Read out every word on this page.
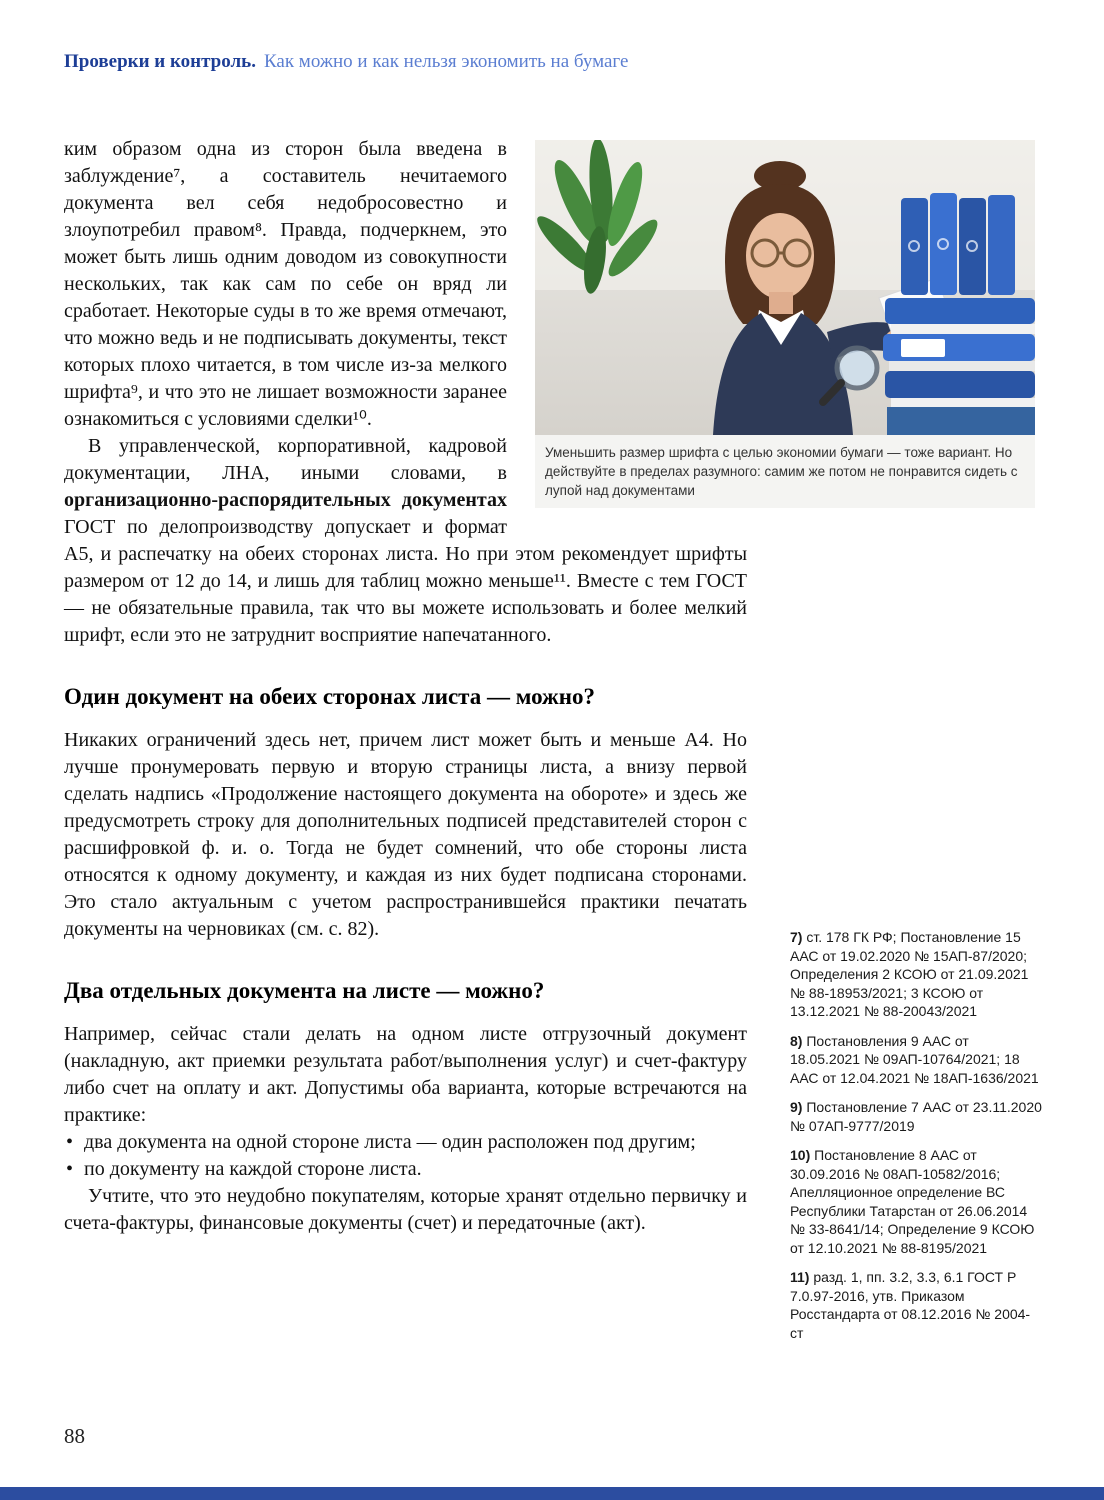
Проверки и контроль. Как можно и как нельзя экономить на бумаге
Уменьшить размер шрифта с целью экономии бумаги — тоже вариант. Но действуйте в пределах разумного: самим же потом не понравится сидеть с лупой над документами

ким образом одна из сторон была введена в заблуждение⁷, а составитель нечитаемого документа вел себя недобросовестно и злоупотребил правом⁸. Правда, подчеркнем, это может быть лишь одним доводом из совокупности нескольких, так как сам по себе он вряд ли сработает. Некоторые суды в то же время отмечают, что можно ведь и не подписывать документы, текст которых плохо читается, в том числе из-за мелкого шрифта⁹, и что это не лишает возможности заранее ознакомиться с условиями сделки¹⁰.

В управленческой, корпоративной, кадровой документации, ЛНА, иными словами, в организационно-распорядительных документах ГОСТ по делопроизводству допускает и формат А5, и распечатку на обеих сторонах листа. Но при этом рекомендует шрифты размером от 12 до 14, и лишь для таблиц можно меньше¹¹. Вместе с тем ГОСТ — не обязательные правила, так что вы можете использовать и более мелкий шрифт, если это не затруднит восприятие напечатанного.

Один документ на обеих сторонах листа — можно?

Никаких ограничений здесь нет, причем лист может быть и меньше А4. Но лучше пронумеровать первую и вторую страницы листа, а внизу первой сделать надпись «Продолжение настоящего документа на обороте» и здесь же предусмотреть строку для дополнительных подписей представителей сторон с расшифровкой ф. и. о. Тогда не будет сомнений, что обе стороны листа относятся к одному документу, и каждая из них будет подписана сторонами. Это стало актуальным с учетом распространившейся практики печатать документы на черновиках (см. с. 82).

Два отдельных документа на листе — можно?

Например, сейчас стали делать на одном листе отгрузочный документ (накладную, акт приемки результата работ/выполнения услуг) и счет-фактуру либо счет на оплату и акт. Допустимы оба варианта, которые встречаются на практике:

• два документа на одной стороне листа — один расположен под другим;
• по документу на каждой стороне листа.

Учтите, что это неудобно покупателям, которые хранят отдельно первичку и счета-фактуры, финансовые документы (счет) и передаточные (акт).

7) ст. 178 ГК РФ; Постановление 15 ААС от 19.02.2020 № 15АП-87/2020; Определения 2 КСОЮ от 21.09.2021 № 88-18953/2021; 3 КСОЮ от 13.12.2021 № 88-20043/2021
8) Постановления 9 ААС от 18.05.2021 № 09АП-10764/2021; 18 ААС от 12.04.2021 № 18АП-1636/2021
9) Постановление 7 ААС от 23.11.2020 № 07АП-9777/2019
10) Постановление 8 ААС от 30.09.2016 № 08АП-10582/2016; Апелляционное определение ВС Республики Татарстан от 26.06.2014 № 33-8641/14; Определение 9 КСОЮ от 12.10.2021 № 88-8195/2021
11) разд. 1, пп. 3.2, 3.3, 6.1 ГОСТ Р 7.0.97-2016, утв. Приказом Росстандарта от 08.12.2016 № 2004-ст
88
